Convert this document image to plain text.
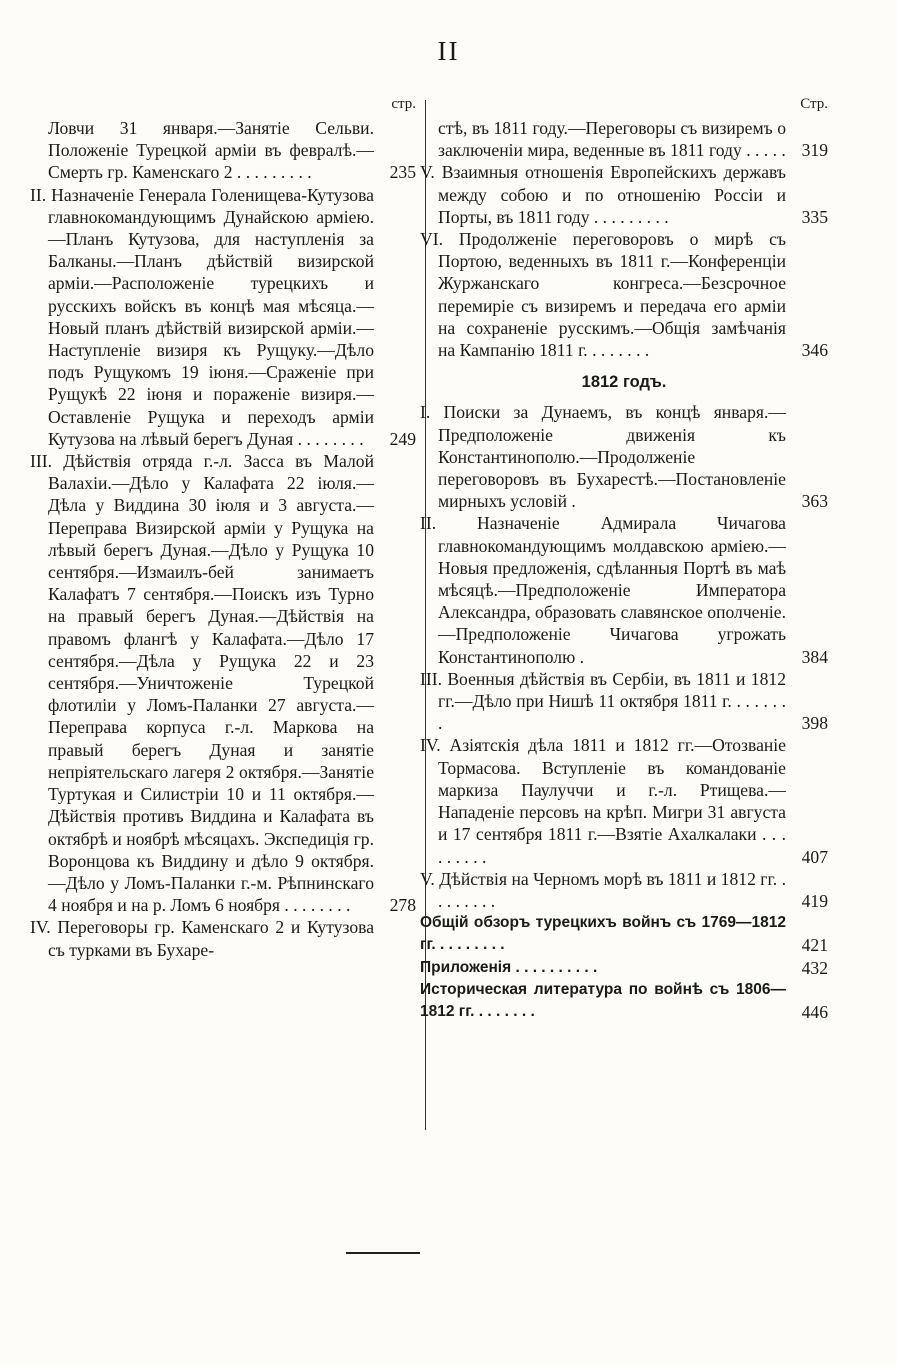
II
стр.
Ловчи 31 января.—Занятіе Сельви. Положеніе Турецкой арміи въ февралѣ.—Смерть гр. Каменскаго 2 . . . . . . . . .	235
II. Назначеніе Генерала Голенищева-Кутузова главнокомандующимъ Дунайскою арміею.—Планъ Кутузова, для наступленія за Балканы.—Планъ дѣйствій визирской арміи.—Расположеніе турецкихъ и русскихъ войскъ въ концѣ мая мѣсяца.—Новый планъ дѣйствій визирской арміи.—Наступленіе визиря къ Рущуку.—Дѣло подъ Рущукомъ 19 іюня.—Сраженіе при Рущукѣ 22 іюня и пораженіе визиря.—Оставленіе Рущука и переходъ арміи Кутузова на лѣвый берегъ Дуная . . . . . . . .	249
III. Дѣйствія отряда г.-л. Засса въ Малой Валахіи.—Дѣло у Калафата 22 іюля.—Дѣла у Виддина 30 іюля и 3 августа.—Переправа Визирской арміи у Рущука на лѣвый берегъ Дуная.—Дѣло у Рущука 10 сентября.—Измаилъ-бей занимаетъ Калафатъ 7 сентября.—Поискъ изъ Турно на правый берегъ Дуная.—Дѣйствія на правомъ флангѣ у Калафата.—Дѣло 17 сентября.—Дѣла у Рущука 22 и 23 сентября.—Уничтоженіе Турецкой флотиліи у Ломъ-Паланки 27 августа.—Переправа корпуса г.-л. Маркова на правый берегъ Дуная и занятіе непріятельскаго лагеря 2 октября.—Занятіе Туртукая и Силистріи 10 и 11 октября.—Дѣйствія противъ Виддина и Калафата въ октябрѣ и ноябрѣ мѣсяцахъ. Экспедиція гр. Воронцова къ Виддину и дѣло 9 октября.—Дѣло у Ломъ-Паланки г.-м. Рѣпнинскаго 4 ноября и на р. Ломъ 6 ноября . . . . . . . .	278
IV. Переговоры гр. Каменскаго 2 и Кутузова съ турками въ Бухаре-
Стр.
стѣ, въ 1811 году.—Переговоры съ визиремъ о заключеніи мира, веденные въ 1811 году . . . . . 319
V. Взаимныя отношенія Европейскихъ державъ между собою и по отношенію Россіи и Порты, въ 1811 году . . . . . . . . .	335
VI. Продолженіе переговоровъ о мирѣ съ Портою, веденныхъ въ 1811 г.—Конференціи Журжанскаго конгреса.—Безсрочное перемиріе съ визиремъ и передача его арміи на сохраненіе русскимъ.—Общія замѣчанія на Кампанію 1811 г. . . . . . . .	346
1812 годъ.
I. Поиски за Дунаемъ, въ концѣ января.—Предположеніе движенія къ Константинополю.—Продолженіе переговоровъ въ Бухарестѣ.—Постановленіе мирныхъ условій .	363
II. Назначеніе Адмирала Чичагова главнокомандующимъ молдавскою арміею.—Новыя предложенія, сдѣланныя Портѣ въ маѣ мѣсяцѣ.—Предположеніе Императора Александра, образовать славянское ополченіе.—Предположеніе Чичагова угрожать Константинополю .	384
III. Военныя дѣйствія въ Сербіи, въ 1811 и 1812 гг.—Дѣло при Нишѣ 11 октября 1811 г. . . . . . . .	398
IV. Азіятскія дѣла 1811 и 1812 гг.—Отозваніе Тормасова. Вступленіе въ командованіе маркиза Паулуччи и г.-л. Ртищева.—Нападеніе персовъ на крѣп. Мигри 31 августа и 17 сентября 1811 г.—Взятіе Ахалкалаки . . . . . . . . .	407
V. Дѣйствія на Черномъ морѣ въ 1811 и 1812 гг. . . . . . . . .	419
Общій обзоръ турецкихъ войнъ съ 1769—1812 гг. . . . . . . . .	421
Приложенія . . . . . . . . . .	432
Историческая литература по войнѣ съ 1806—1812 гг. . . . . . . .	446
